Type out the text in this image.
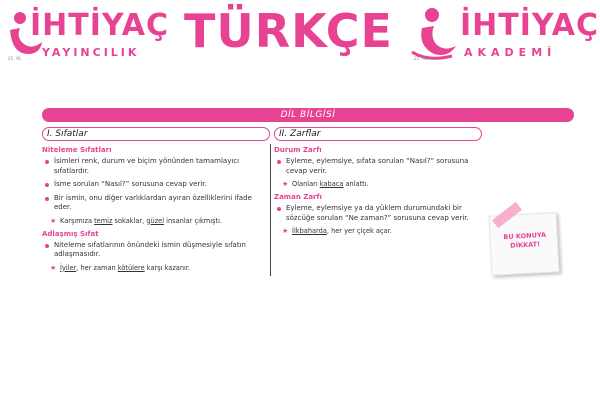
İHTİYAÇ
YAYINCILIK
25. YIL
TÜRKÇE İHTİYAÇ
AKADEMİ
25. YIL
DİL BİLGİSİ
I. Sıfatlar
Niteleme Sıfatları
İsimleri renk, durum ve biçim yönünden tamamlayıcı sıfatlardır.
İsme sorulan “Nasıl?” sorusuna cevap verir.
Bir ismin, onu diğer varlıklardan ayıran özelliklerini ifade eder.
★ Karşımıza temiz sokaklar, güzel insanlar çıkmıştı.
Adlaşmış Sıfat
Niteleme sıfatlarının önündeki ismin düşmesiyle sıfatın adlaşmasıdır.
★ İyiler, her zaman kötülere karşı kazanır.
II. Zarflar
Durum Zarfı
Eyleme, eylemsiye, sıfata sorulan “Nasıl?” sorusuna cevap verir.
★ Olanları kabaca anlattı.
Zaman Zarfı
Eyleme, eylemsiye ya da yüklem durumundaki bir sözcüğe sorulan “Ne zaman?” sorusuna cevap verir.
★ İlkbaharda, her yer çiçek açar.	BU KONUYA
DİKKAT!
